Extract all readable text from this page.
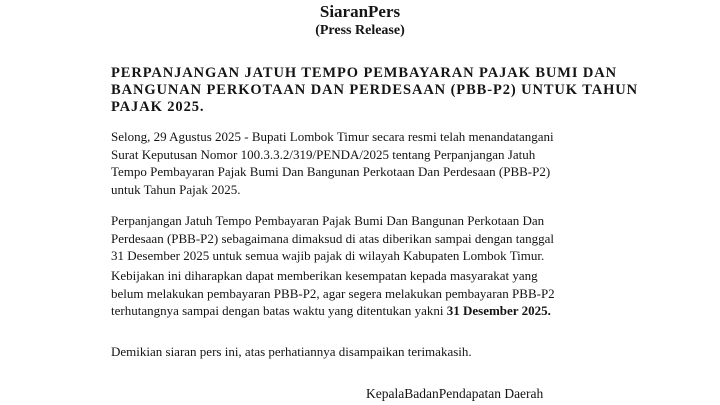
SiaranPers
(Press Release)

PERPANJANGAN JATUH TEMPO PEMBAYARAN PAJAK BUMI DAN
BANGUNAN PERKOTAAN DAN PERDESAAN (PBB-P2) UNTUK TAHUN
PAJAK 2025.

Selong, 29 Agustus 2025 - Bupati Lombok Timur secara resmi telah menandatangani
Surat Keputusan Nomor 100.3.3.2/319/PENDA/2025 tentang Perpanjangan Jatuh
Tempo Pembayaran Pajak Bumi Dan Bangunan Perkotaan Dan Perdesaan (PBB-P2)
untuk Tahun Pajak 2025.

Perpanjangan Jatuh Tempo Pembayaran Pajak Bumi Dan Bangunan Perkotaan Dan
Perdesaan (PBB-P2) sebagaimana dimaksud di atas diberikan sampai dengan tanggal
31 Desember 2025 untuk semua wajib pajak di wilayah Kabupaten Lombok Timur.

Kebijakan ini diharapkan dapat memberikan kesempatan kepada masyarakat yang
belum melakukan pembayaran PBB-P2, agar segera melakukan pembayaran PBB-P2
terhutangnya sampai dengan batas waktu yang ditentukan yakni 31 Desember 2025.

Demikian siaran pers ini, atas perhatiannya disampaikan terimakasih.

KepalaBadanPendapatan Daerah
